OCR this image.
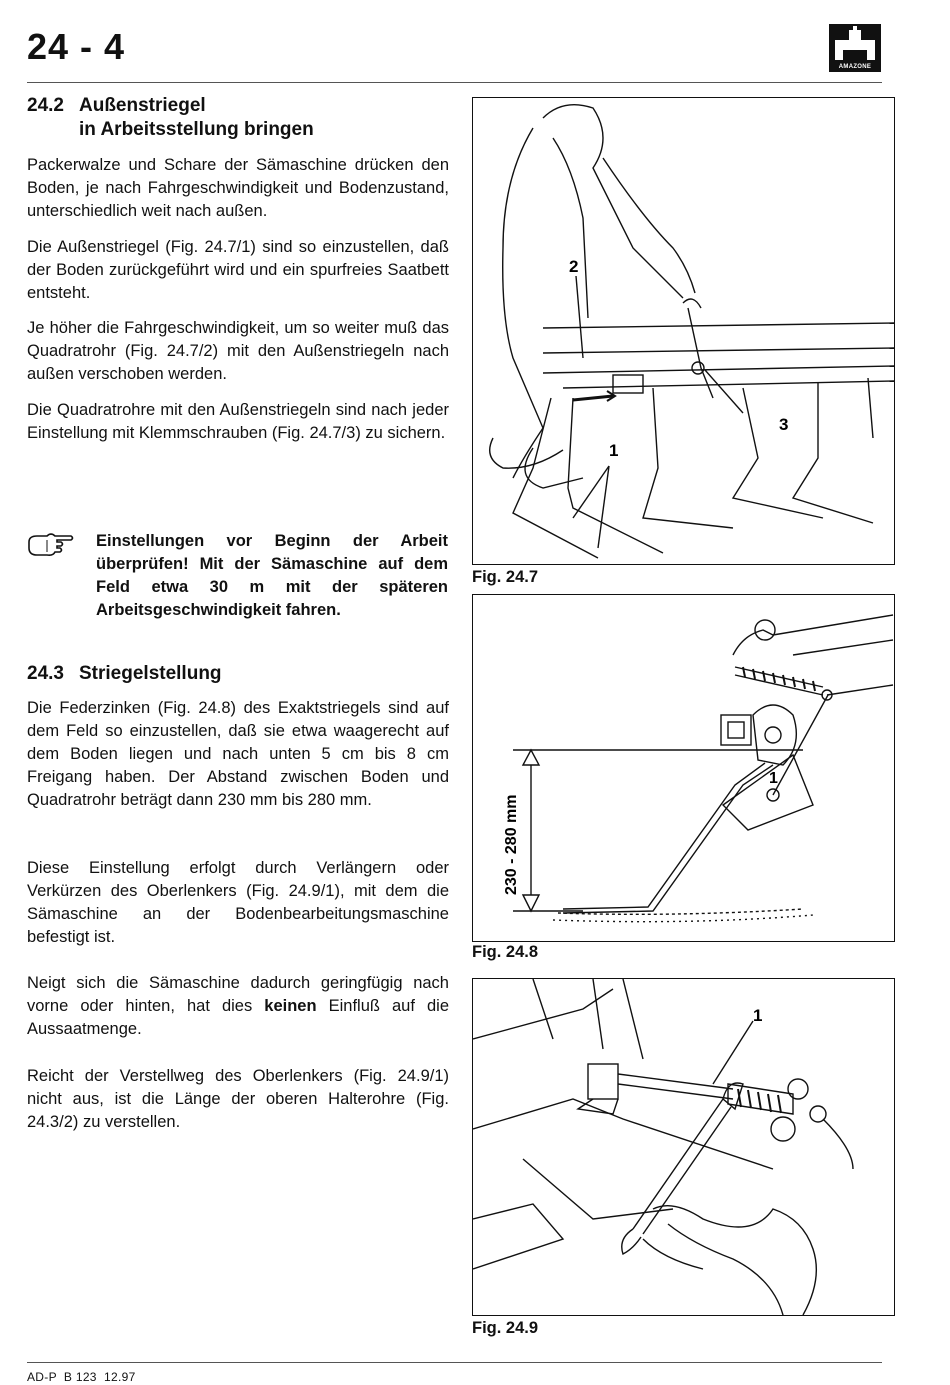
24 - 4	AMAZONE
24.2 Außenstriegel
in Arbeitsstellung bringen

Packerwalze und Schare der Sämaschine drücken den Boden, je nach Fahrgeschwindigkeit und Bodenzustand, unterschiedlich weit nach außen.

Die Außenstriegel (Fig. 24.7/1) sind so einzustellen, daß der Boden zurückgeführt wird und ein spurfreies Saatbett entsteht.

Je höher die Fahrgeschwindigkeit, um so weiter muß das Quadratrohr (Fig. 24.7/2) mit den Außenstriegeln nach außen verschoben werden.

Die Quadratrohre mit den Außenstriegeln sind nach jeder Einstellung mit Klemmschrauben (Fig. 24.7/3) zu sichern.

Einstellungen vor Beginn der Arbeit überprüfen! Mit der Sämaschine auf dem Feld etwa 30 m mit der späteren Arbeitsgeschwindigkeit fahren.
24.3 Striegelstellung

Die Federzinken (Fig. 24.8) des Exaktstriegels sind auf dem Feld so einzustellen, daß sie etwa waagerecht auf dem Boden liegen und nach unten 5 cm bis 8 cm Freigang haben. Der Abstand zwischen Boden und Quadratrohr beträgt dann 230 mm bis 280 mm.

Diese Einstellung erfolgt durch Verlängern oder Verkürzen des Oberlenkers (Fig. 24.9/1), mit dem die Sämaschine an der Bodenbearbeitungsmaschine befestigt ist.

Neigt sich die Sämaschine dadurch geringfügig nach vorne oder hinten, hat dies keinen Einfluß auf die Aussaatmenge.

Reicht der Verstellweg des Oberlenkers (Fig. 24.9/1) nicht aus, ist die Länge der oberen Halterohre (Fig. 24.3/2) zu verstellen.

2
3
1
Fig. 24.7
230 - 280 mm
1
Fig. 24.8
1
Fig. 24.9
AD-P  B 123  12.97
